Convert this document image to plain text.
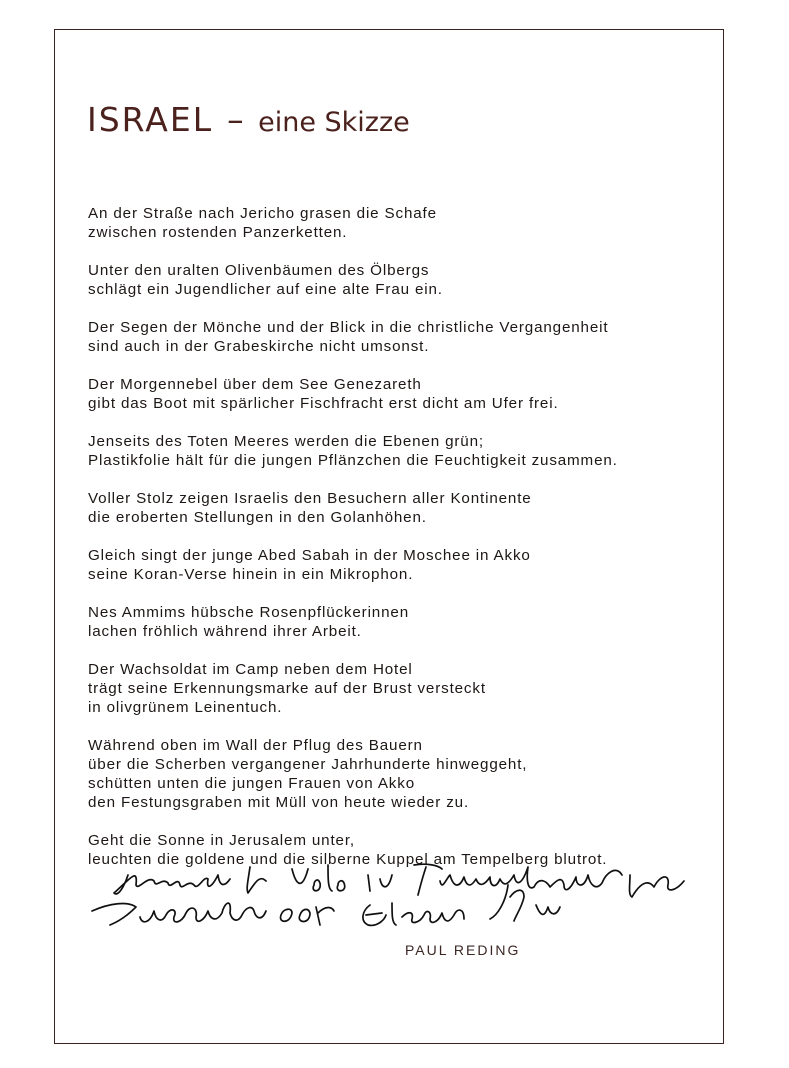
ISRAEL – eine Skizze

An der Straße nach Jericho grasen die Schafe
zwischen rostenden Panzerketten.

Unter den uralten Olivenbäumen des Ölbergs
schlägt ein Jugendlicher auf eine alte Frau ein.

Der Segen der Mönche und der Blick in die christliche Vergangenheit
sind auch in der Grabeskirche nicht umsonst.

Der Morgennebel über dem See Genezareth
gibt das Boot mit spärlicher Fischfracht erst dicht am Ufer frei.

Jenseits des Toten Meeres werden die Ebenen grün;
Plastikfolie hält für die jungen Pflänzchen die Feuchtigkeit zusammen.

Voller Stolz zeigen Israelis den Besuchern aller Kontinente
die eroberten Stellungen in den Golanhöhen.

Gleich singt der junge Abed Sabah in der Moschee in Akko
seine Koran-Verse hinein in ein Mikrophon.

Nes Ammims hübsche Rosenpflückerinnen
lachen fröhlich während ihrer Arbeit.

Der Wachsoldat im Camp neben dem Hotel
trägt seine Erkennungsmarke auf der Brust versteckt
in olivgrünem Leinentuch.

Während oben im Wall der Pflug des Bauern
über die Scherben vergangener Jahrhunderte hinweggeht,
schütten unten die jungen Frauen von Akko
den Festungsgraben mit Müll von heute wieder zu.

Geht die Sonne in Jerusalem unter,
leuchten die goldene und die silberne Kuppel am Tempelberg blutrot.

PAUL REDING
